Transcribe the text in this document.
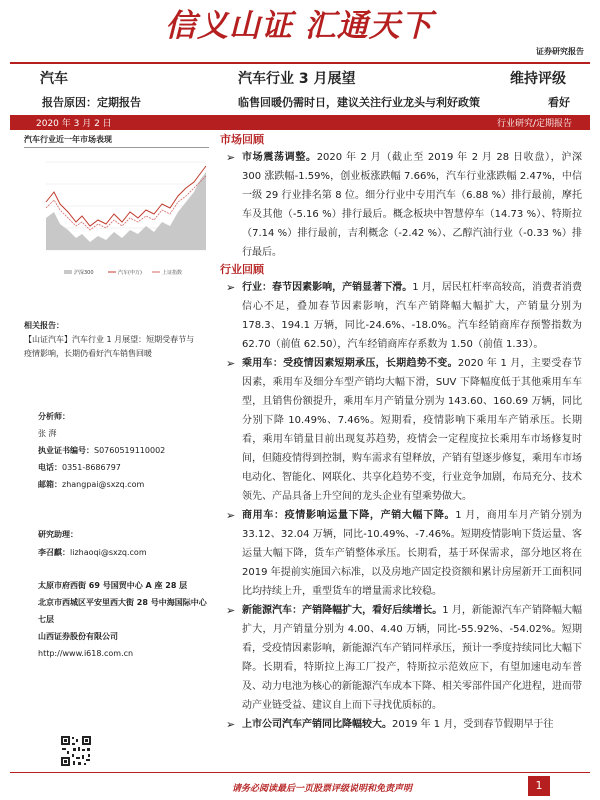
信义山证 汇通天下
证券研究报告
汽车	汽车行业 3 月展望	维持评级
报告原因：定期报告	临售回暖仍需时日，建议关注行业龙头与利好政策	看好
2020 年 3 月 2 日	行业研究/定期报告
汽车行业近一年市场表现
沪深300	汽车(申万)	上证指数
相关报告：
【山证汽车】汽车行业 1 月展望：短期受春节与疫情影响，长期仍看好汽车销售回暖
分析师：
张 湃
执业证书编号：S0760519110002
电话：0351-8686797
邮箱：zhangpai@sxzq.com
研究助理：
李召麒：lizhaoqi@sxzq.com
太原市府西街 69 号国贸中心 A 座 28 层
北京市西城区平安里西大街 28 号中海国际中心七层
山西证券股份有限公司
http://www.i618.com.cn
市场回顾
➢ 市场震荡调整。2020 年 2 月（截止至 2019 年 2 月 28 日收盘），沪深 300 涨跌幅-1.59%，创业板涨跌幅 7.66%，汽车行业涨跌幅 2.47%，中信一级 29 行业排名第 8 位。细分行业中专用汽车（6.88 %）排行最前，摩托车及其他（-5.16 %）排行最后。概念板块中智慧停车（14.73 %）、特斯拉（7.14 %）排行最前，吉利概念（-2.42 %）、乙醇汽油行业（-0.33 %）排行最后。
行业回顾
➢ 行业：春节因素影响，产销显著下滑。1 月，居民杠杆率高较高，消费者消费信心不足，叠加春节因素影响，汽车产销降幅大幅扩大，产销量分别为 178.3、194.1 万辆，同比-24.6%、-18.0%。汽车经销商库存预警指数为 62.70（前值 62.50），汽车经销商库存系数为 1.50（前值 1.33）。
➢ 乘用车：受疫情因素短期承压，长期趋势不变。2020 年 1 月，主要受春节因素，乘用车及细分车型产销均大幅下滑，SUV 下降幅度低于其他乘用车车型，且销售份额提升，乘用车月产销量分别为 143.60、160.69 万辆，同比分别下降 10.49%、7.46%。短期看，疫情影响下乘用车产销承压。长期看，乘用车销量目前出现复苏趋势，疫情会一定程度拉长乘用车市场修复时间，但随疫情得到控制，购车需求有望释放，产销有望逐步修复，乘用车市场电动化、智能化、网联化、共享化趋势不变，行业竞争加剧，布局充分、技术领先、产品具备上升空间的龙头企业有望乘势做大。
➢ 商用车：疫情影响运量下降，产销大幅下降。1 月，商用车月产销分别为 33.12、32.04 万辆，同比-10.49%、-7.46%。短期疫情影响下货运量、客运量大幅下降，货车产销整体承压。长期看，基于环保需求，部分地区将在 2019 年提前实施国六标准，以及房地产固定投资额和累计房屋新开工面积同比均持续上升，重型货车的增量需求比较稳。
➢ 新能源汽车：产销降幅扩大，看好后续增长。1 月，新能源汽车产销降幅大幅扩大，月产销量分别为 4.00、4.40 万辆，同比-55.92%、-54.02%。短期看，受疫情因素影响，新能源汽车产销同样承压，预计一季度持续同比大幅下降。长期看，特斯拉上海工厂投产，特斯拉示范效应下，有望加速电动车普及、动力电池为核心的新能源汽车成本下降、相关零部件国产化进程，进而带动产业链受益、建议自上而下寻找优质标的。
➢ 上市公司汽车产销同比降幅较大。2019 年 1 月，受到春节假期早于往
请务必阅读最后一页股票评级说明和免责声明	1
